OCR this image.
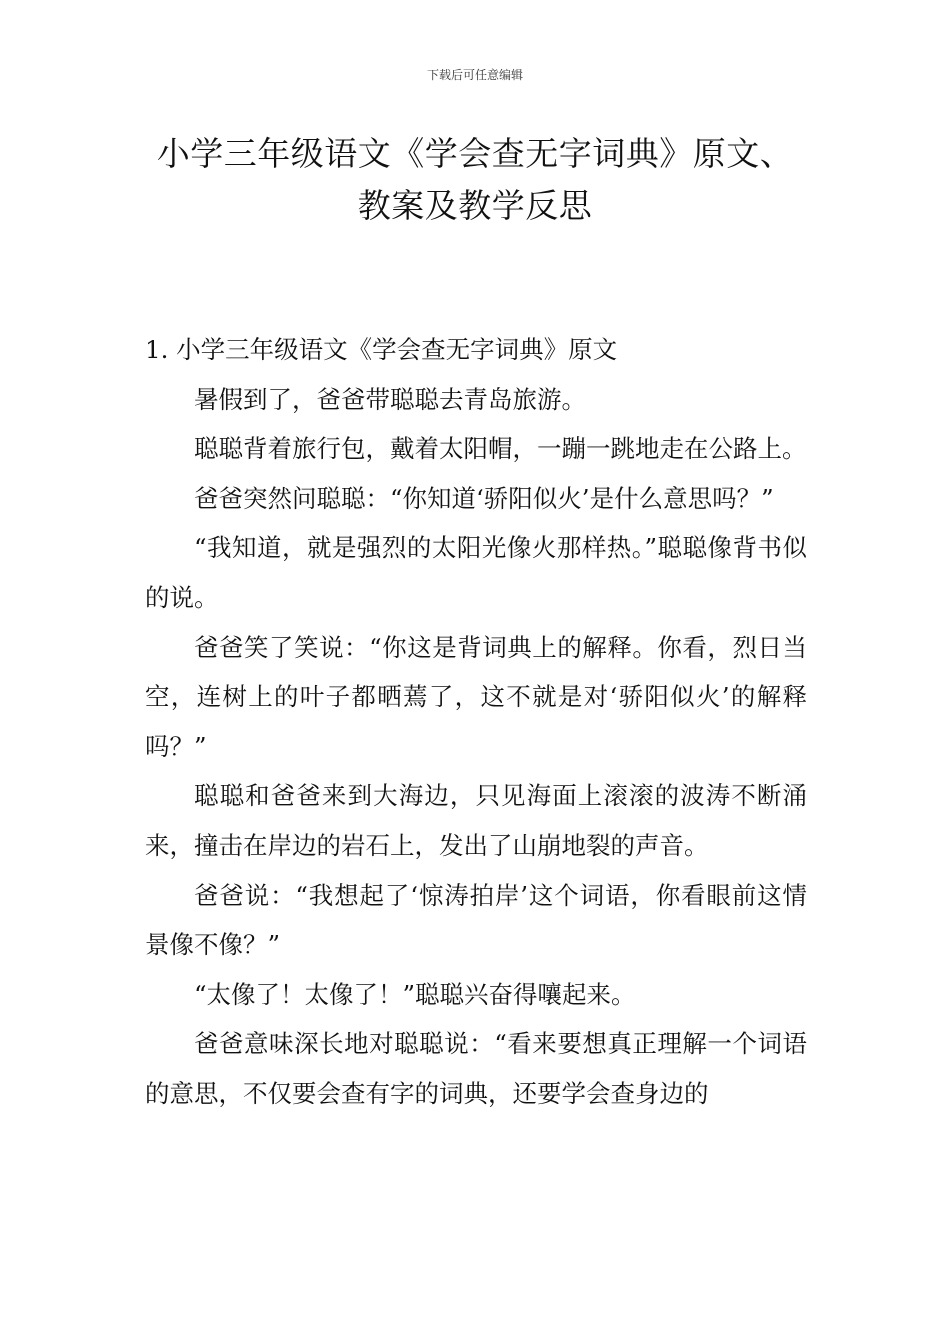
下载后可任意编辑
小学三年级语文《学会查无字词典》原文、
教案及教学反思

1. 小学三年级语文《学会查无字词典》原文

暑假到了，爸爸带聪聪去青岛旅游。

聪聪背着旅行包，戴着太阳帽，一蹦一跳地走在公路上。

爸爸突然问聪聪：“你知道‘骄阳似火’是什么意思吗？”

“我知道，就是强烈的太阳光像火那样热。”聪聪像背书似的说。

爸爸笑了笑说：“你这是背词典上的解释。你看，烈日当空，连树上的叶子都晒蔫了，这不就是对‘骄阳似火’的解释吗？”

聪聪和爸爸来到大海边，只见海面上滚滚的波涛不断涌来，撞击在岸边的岩石上，发出了山崩地裂的声音。

爸爸说：“我想起了‘惊涛拍岸’这个词语，你看眼前这情景像不像？”

“太像了！太像了！”聪聪兴奋得嚷起来。

爸爸意味深长地对聪聪说：“看来要想真正理解一个词语的意思，不仅要会查有字的词典，还要学会查身边的
